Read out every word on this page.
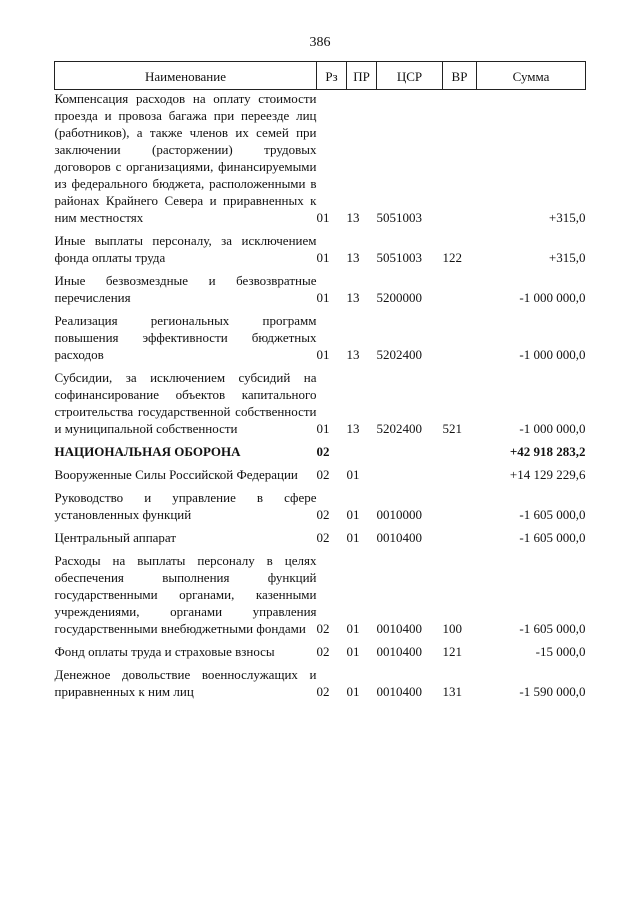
386
Наименование	Рз	ПР	ЦСР	ВР	Сумма
Компенсация расходов на оплату стоимости проезда и провоза багажа при переезде лиц (работников), а также членов их семей при заключении (расторжении) трудовых договоров с организациями, финансируемыми из федерального бюджета, расположенными в районах Крайнего Севера и приравненных к ним местностях	01	13	5051003		+315,0
Иные выплаты персоналу, за исключением фонда оплаты труда	01	13	5051003	122	+315,0
Иные безвозмездные и безвозвратные перечисления	01	13	5200000		-1 000 000,0
Реализация региональных программ повышения эффективности бюджетных расходов	01	13	5202400		-1 000 000,0
Субсидии, за исключением субсидий на софинансирование объектов капитального строительства государственной собственности и муниципальной собственности	01	13	5202400	521	-1 000 000,0
НАЦИОНАЛЬНАЯ ОБОРОНА	02				+42 918 283,2
Вооруженные Силы Российской Федерации	02	01			+14 129 229,6
Руководство и управление в сфере установленных функций	02	01	0010000		-1 605 000,0
Центральный аппарат	02	01	0010400		-1 605 000,0
Расходы на выплаты персоналу в целях обеспечения выполнения функций государственными органами, казенными учреждениями, органами управления государственными внебюджетными фондами	02	01	0010400	100	-1 605 000,0
Фонд оплаты труда и страховые взносы	02	01	0010400	121	-15 000,0
Денежное довольствие военнослужащих и приравненных к ним лиц	02	01	0010400	131	-1 590 000,0
